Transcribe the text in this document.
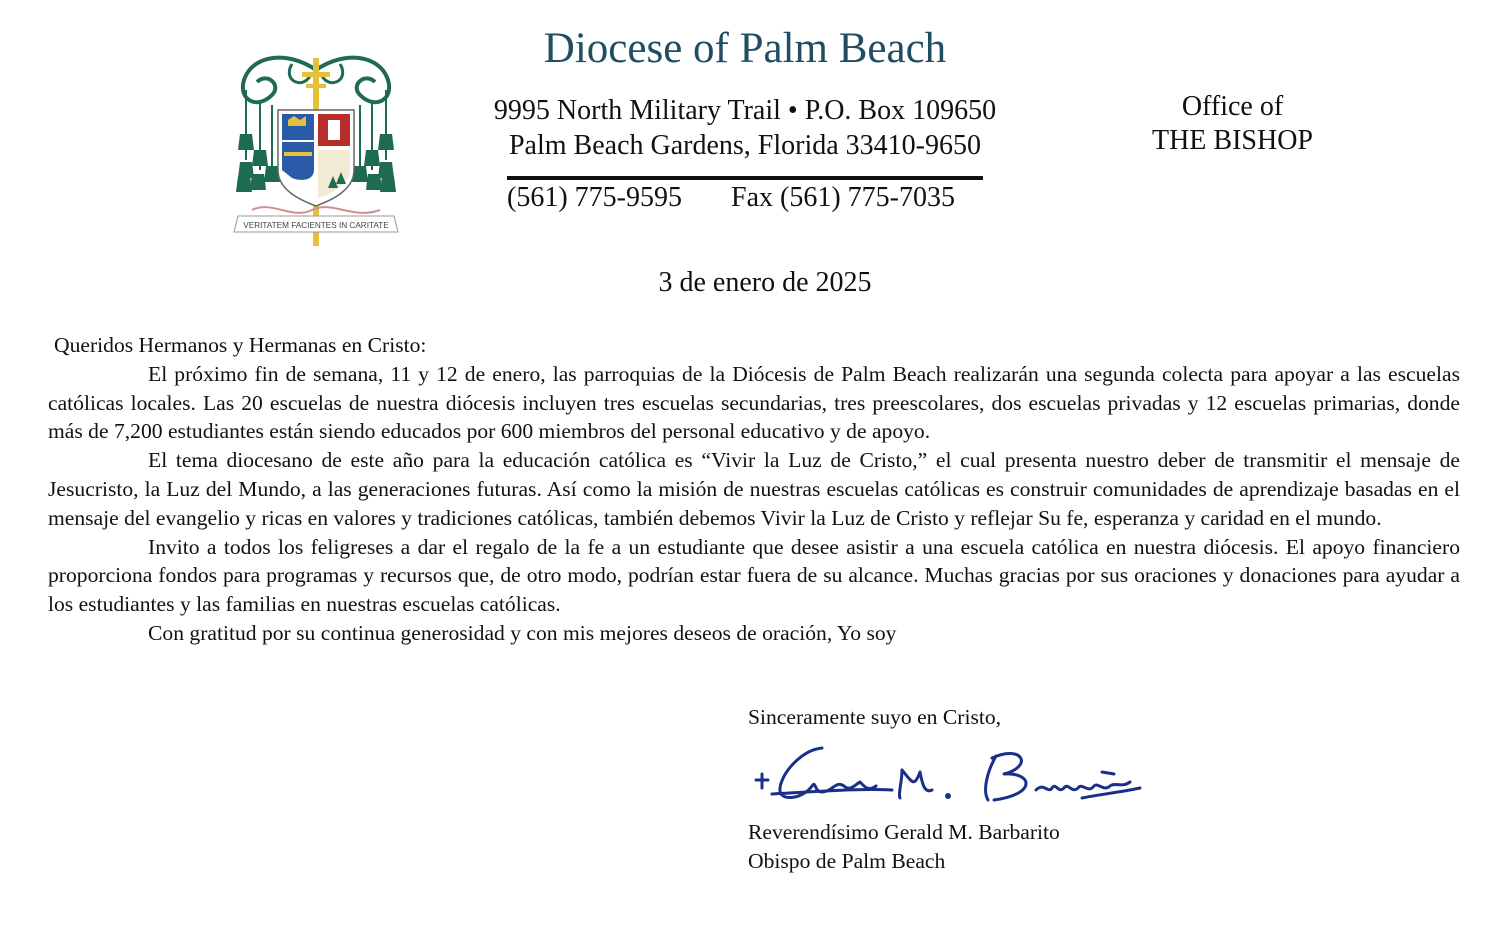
VERITATEM FACIENTES IN CARITATE
Diocese of Palm Beach
9995 North Military Trail • P.O. Box 109650
Palm Beach Gardens, Florida 33410-9650
(561) 775-9595 Fax (561) 775-7035
Office of
THE BISHOP
3 de enero de 2025

Queridos Hermanos y Hermanas en Cristo:

El próximo fin de semana, 11 y 12 de enero, las parroquias de la Diócesis de Palm Beach realizarán una segunda colecta para apoyar a las escuelas católicas locales. Las 20 escuelas de nuestra diócesis incluyen tres escuelas secundarias, tres preescolares, dos escuelas privadas y 12 escuelas primarias, donde más de 7,200 estudiantes están siendo educados por 600 miembros del personal educativo y de apoyo.

El tema diocesano de este año para la educación católica es “Vivir la Luz de Cristo,” el cual presenta nuestro deber de transmitir el mensaje de Jesucristo, la Luz del Mundo, a las generaciones futuras. Así como la misión de nuestras escuelas católicas es construir comunidades de aprendizaje basadas en el mensaje del evangelio y ricas en valores y tradiciones católicas, también debemos Vivir la Luz de Cristo y reflejar Su fe, esperanza y caridad en el mundo.

Invito a todos los feligreses a dar el regalo de la fe a un estudiante que desee asistir a una escuela católica en nuestra diócesis. El apoyo financiero proporciona fondos para programas y recursos que, de otro modo, podrían estar fuera de su alcance. Muchas gracias por sus oraciones y donaciones para ayudar a los estudiantes y las familias en nuestras escuelas católicas.

Con gratitud por su continua generosidad y con mis mejores deseos de oración, Yo soy

Sinceramente suyo en Cristo,
Reverendísimo Gerald M. Barbarito
Obispo de Palm Beach
